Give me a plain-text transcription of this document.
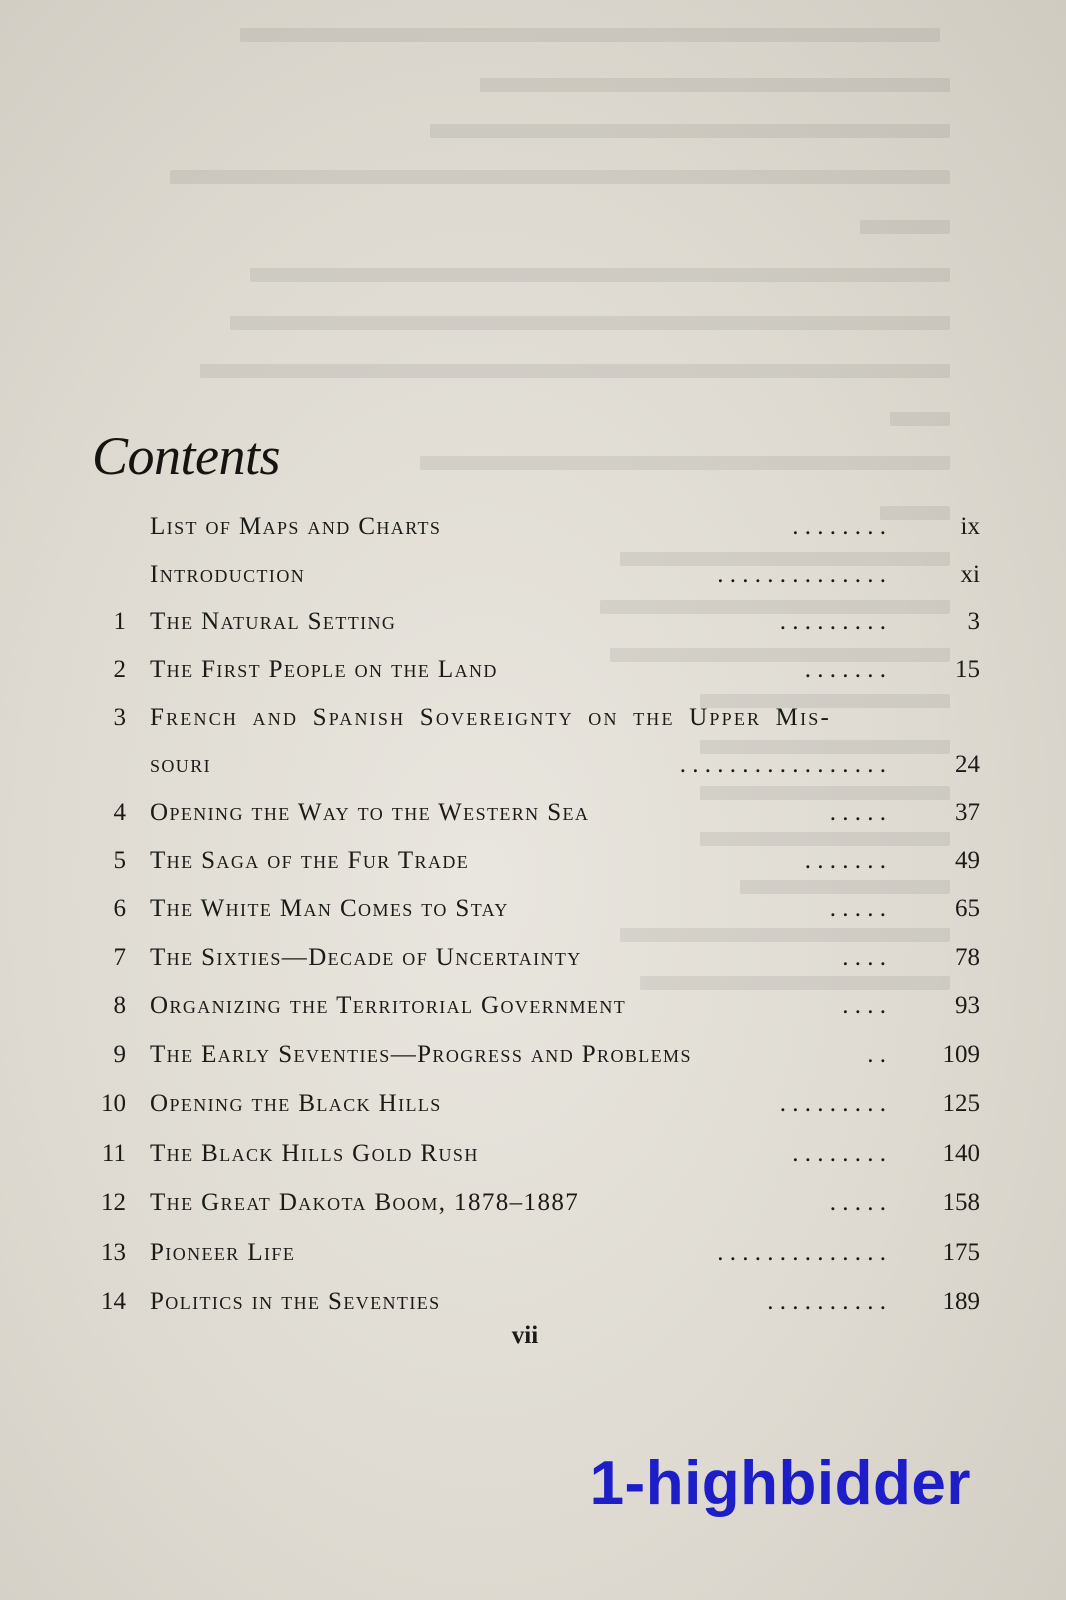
Contents
List of Maps and Charts	. . . . . . . .	ix
Introduction	. . . . . . . . . . . . . .	xi
1 The Natural Setting	. . . . . . . . .	3
2 The First People on the Land	. . . . . . .	15
3 French and Spanish Sovereignty on the Upper Mis-
souri	. . . . . . . . . . . . . . . . .	24
4 Opening the Way to the Western Sea	. . . . .	37
5 The Saga of the Fur Trade	. . . . . . .	49
6 The White Man Comes to Stay	. . . . .	65
7 The Sixties—Decade of Uncertainty	. . . .	78
8 Organizing the Territorial Government	. . . .	93
9 The Early Seventies—Progress and Problems	. . 109
10 Opening the Black Hills	. . . . . . . . . 125
11 The Black Hills Gold Rush	. . . . . . . . 140
12 The Great Dakota Boom, 1878–1887	. . . . . 158
13 Pioneer Life	. . . . . . . . . . . . . . 175
14 Politics in the Seventies	. . . . . . . . . . 189
vii
1-highbidder
